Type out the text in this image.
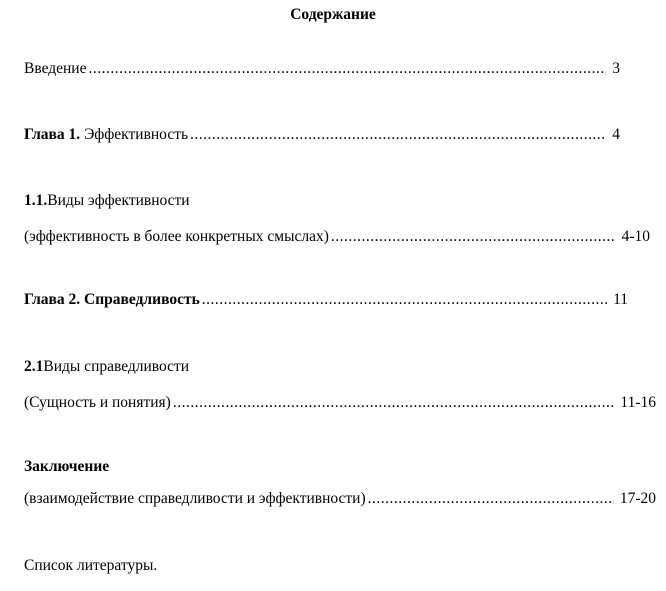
Содержание
Введение .....	3
Глава 1. Эффективность .....	4
1.1.Виды эффективности
(эффективность в более конкретных смыслах) .....	4-10
Глава 2. Справедливость .....	11
2.1Виды справедливости
(Сущность и понятия) .....	11-16
Заключение
(взаимодействие справедливости и эффективности) .....	17-20
Список литературы.
